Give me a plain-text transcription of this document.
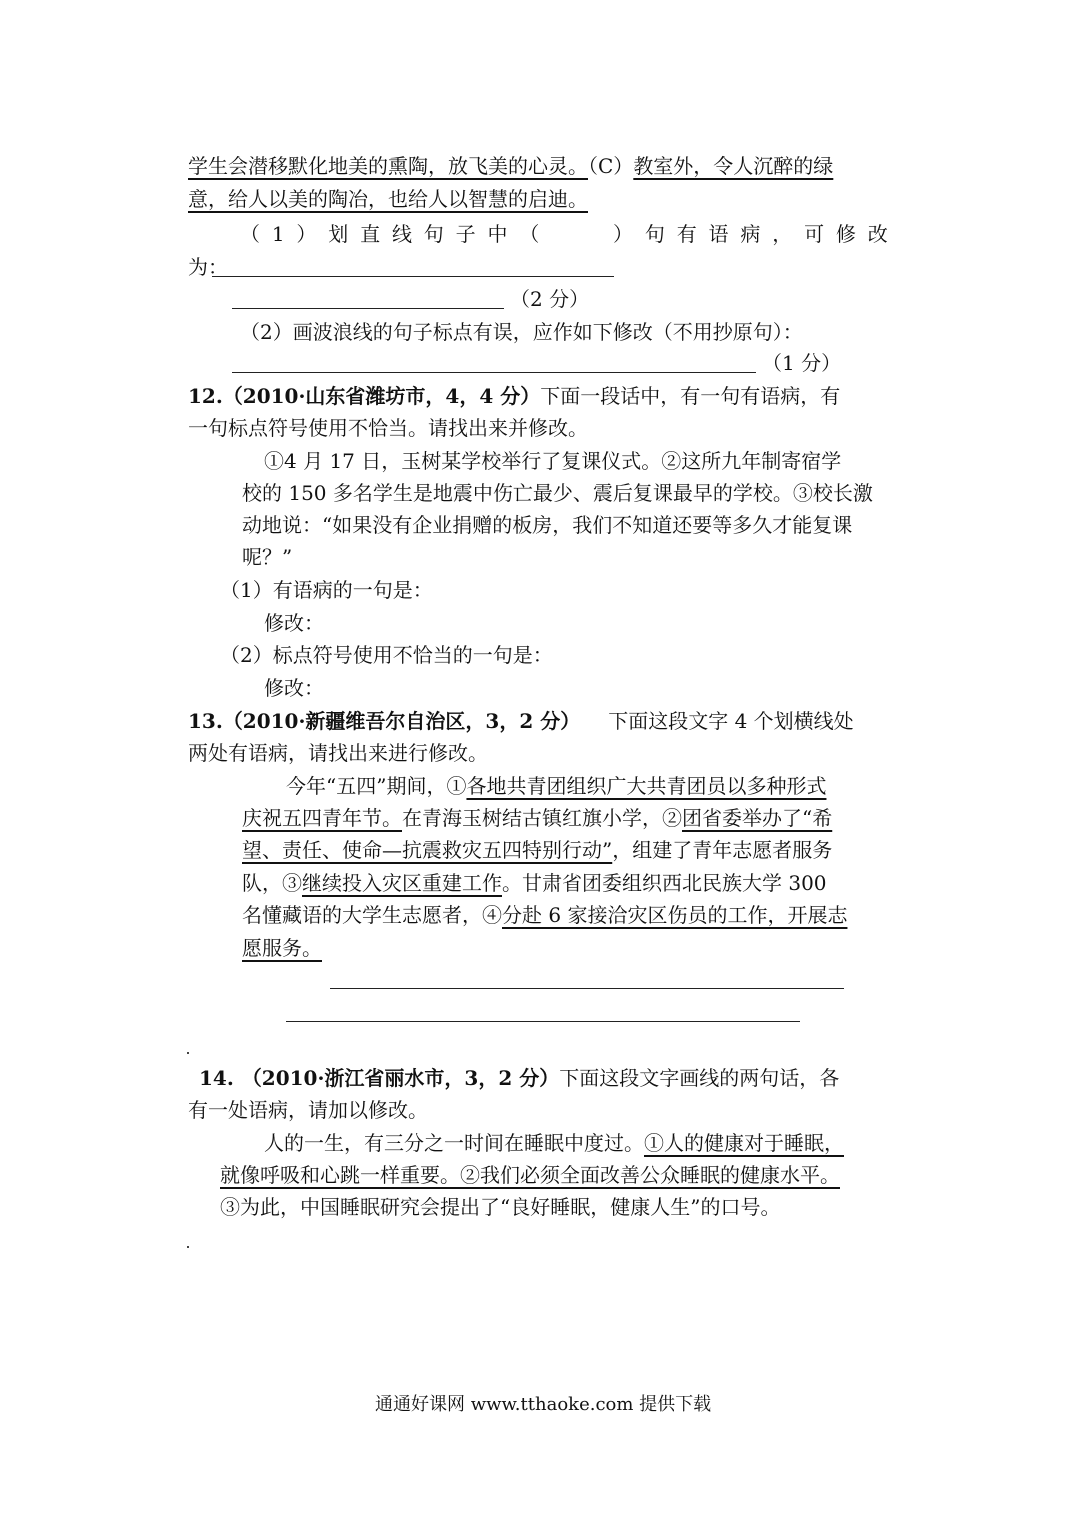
学生会潜移默化地美的熏陶，放飞美的心灵。（C）教室外，令人沉醉的绿
意，给人以美的陶冶，也给人以智慧的启迪。
（ 1 ） 划 直 线 句 子 中 （	） 句 有 语 病 ， 可 修 改
为：
（2 分）
（2）画波浪线的句子标点有误，应作如下修改（不用抄原句）：
（1 分）
12.（2010·山东省潍坊市，4，4 分）下面一段话中，有一句有语病，有
一句标点符号使用不恰当。请找出来并修改。
①4 月 17 日，玉树某学校举行了复课仪式。②这所九年制寄宿学
校的 150 多名学生是地震中伤亡最少、震后复课最早的学校。③校长激
动地说：“如果没有企业捐赠的板房，我们不知道还要等多久才能复课
呢？”
（1）有语病的一句是：
修改：
（2）标点符号使用不恰当的一句是：
修改：
13.（2010·新疆维吾尔自治区，3，2 分） 下面这段文字 4 个划横线处
两处有语病，请找出来进行修改。
今年“五四”期间，①各地共青团组织广大共青团员以多种形式
庆祝五四青年节。在青海玉树结古镇红旗小学，②团省委举办了“希
望、责任、使命—抗震救灾五四特别行动”，组建了青年志愿者服务
队，③继续投入灾区重建工作。甘肃省团委组织西北民族大学 300
名懂藏语的大学生志愿者，④分赴 6 家接洽灾区伤员的工作，开展志
愿服务。
14. （2010·浙江省丽水市，3，2 分）下面这段文字画线的两句话，各
有一处语病，请加以修改。
人的一生，有三分之一时间在睡眠中度过。①人的健康对于睡眠，
就像呼吸和心跳一样重要。②我们必须全面改善公众睡眠的健康水平。
③为此，中国睡眠研究会提出了“良好睡眠，健康人生”的口号。
通通好课网 www.tthaoke.com 提供下载
